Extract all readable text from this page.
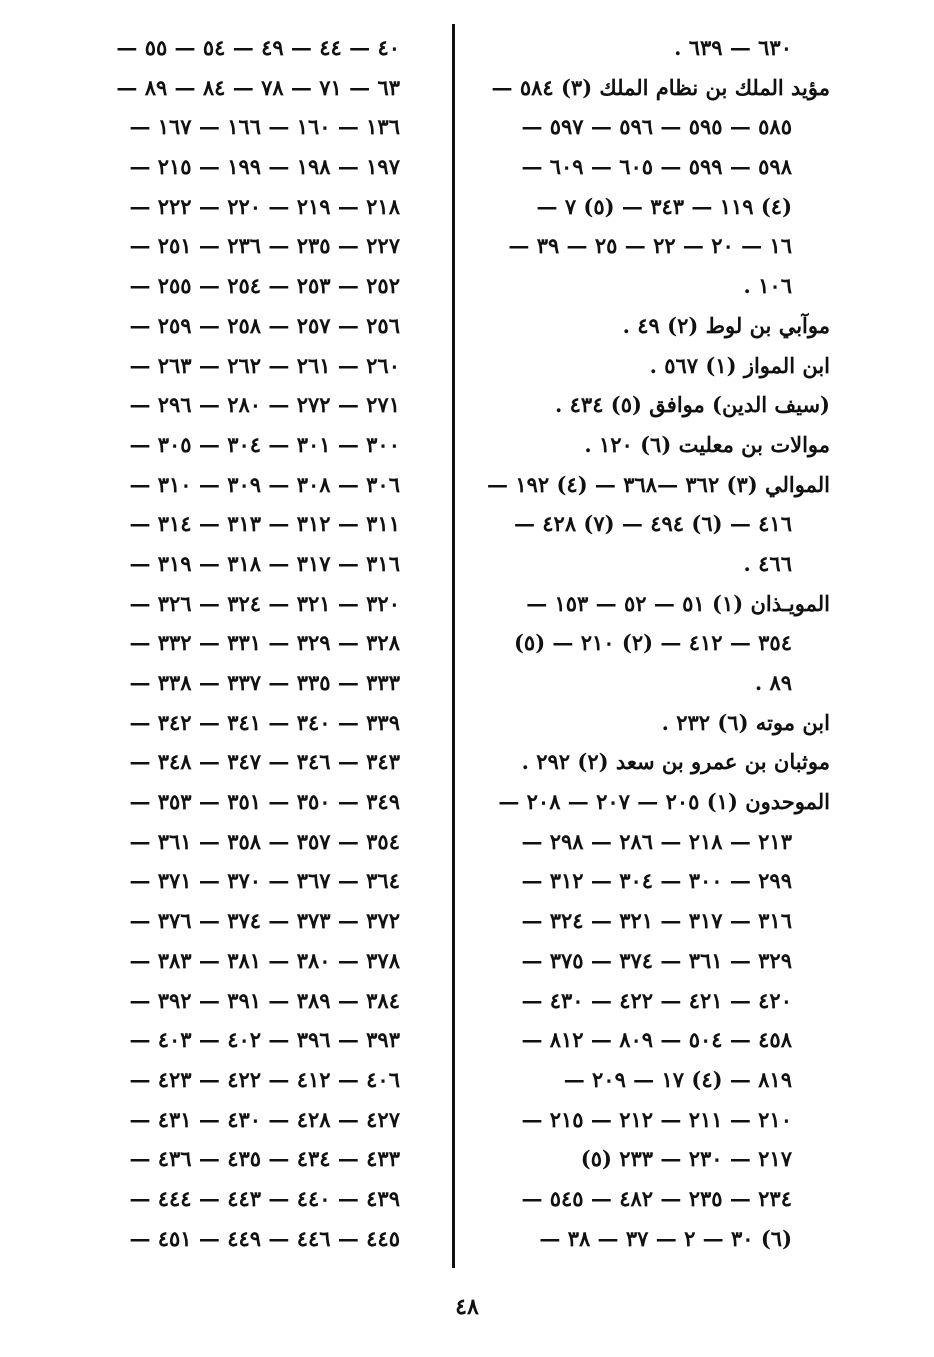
٦٣٠ — ٦٣٩ .
مؤيد الملك بن نظام الملك (٣) ٥٨٤ —
٥٨٥ — ٥٩٥ — ٥٩٦ — ٥٩٧ —
٥٩٨ — ٥٩٩ — ٦٠٥ — ٦٠٩ —
(٤) ١١٩ — ٣٤٣ — (٥) ٧ —
١٦ — ٢٠ — ٢٢ — ٢٥ — ٣٩ —
١٠٦ .
موآبي بن لوط (٢) ٤٩ .
ابن المواز (١) ٥٦٧ .
(سيف الدين) موافق (٥) ٤٣٤ .
موالات بن معليت (٦) ١٢٠ .
الموالي (٣) ٣٦٢ —٣٦٨ — (٤) ١٩٢ —
٤١٦ — (٦) ٤٩٤ — (٧) ٤٢٨ —
٤٦٦ .
المويـذان (١) ٥١ — ٥٢ — ١٥٣ —
٣٥٤ — ٤١٢ — (٢) ٢١٠ — (٥)
٨٩ .
ابن موته (٦) ٢٣٢ .
موثبان بن عمرو بن سعد (٢) ٢٩٢ .
الموحدون (١) ٢٠٥ — ٢٠٧ — ٢٠٨ —
٢١٣ — ٢١٨ — ٢٨٦ — ٢٩٨ —
٢٩٩ — ٣٠٠ — ٣٠٤ — ٣١٢ —
٣١٦ — ٣١٧ — ٣٢١ — ٣٢٤ —
٣٢٩ — ٣٦١ — ٣٧٤ — ٣٧٥ —
٤٢٠ — ٤٢١ — ٤٢٢ — ٤٣٠ —
٤٥٨ — ٥٠٤ — ٨٠٩ — ٨١٢ —
٨١٩ — (٤) ١٧ — ٢٠٩ —
٢١٠ — ٢١١ — ٢١٢ — ٢١٥ —
٢١٧ — ٢٣٠ — ٢٣٣ (٥)
٢٣٤ — ٢٣٥ — ٤٨٢ — ٥٤٥ —
(٦) ٣٠ — ٢ — ٣٧ — ٣٨ —
٤٠ — ٤٤ — ٤٩ — ٥٤ — ٥٥ —
٦٣ — ٧١ — ٧٨ — ٨٤ — ٨٩ —
١٣٦ — ١٦٠ — ١٦٦ — ١٦٧ —
١٩٧ — ١٩٨ — ١٩٩ — ٢١٥ —
٢١٨ — ٢١٩ — ٢٢٠ — ٢٢٢ —
٢٢٧ — ٢٣٥ — ٢٣٦ — ٢٥١ —
٢٥٢ — ٢٥٣ — ٢٥٤ — ٢٥٥ —
٢٥٦ — ٢٥٧ — ٢٥٨ — ٢٥٩ —
٢٦٠ — ٢٦١ — ٢٦٢ — ٢٦٣ —
٢٧١ — ٢٧٢ — ٢٨٠ — ٢٩٦ —
٣٠٠ — ٣٠١ — ٣٠٤ — ٣٠٥ —
٣٠٦ — ٣٠٨ — ٣٠٩ — ٣١٠ —
٣١١ — ٣١٢ — ٣١٣ — ٣١٤ —
٣١٦ — ٣١٧ — ٣١٨ — ٣١٩ —
٣٢٠ — ٣٢١ — ٣٢٤ — ٣٢٦ —
٣٢٨ — ٣٢٩ — ٣٣١ — ٣٣٢ —
٣٣٣ — ٣٣٥ — ٣٣٧ — ٣٣٨ —
٣٣٩ — ٣٤٠ — ٣٤١ — ٣٤٢ —
٣٤٣ — ٣٤٦ — ٣٤٧ — ٣٤٨ —
٣٤٩ — ٣٥٠ — ٣٥١ — ٣٥٣ —
٣٥٤ — ٣٥٧ — ٣٥٨ — ٣٦١ —
٣٦٤ — ٣٦٧ — ٣٧٠ — ٣٧١ —
٣٧٢ — ٣٧٣ — ٣٧٤ — ٣٧٦ —
٣٧٨ — ٣٨٠ — ٣٨١ — ٣٨٣ —
٣٨٤ — ٣٨٩ — ٣٩١ — ٣٩٢ —
٣٩٣ — ٣٩٦ — ٤٠٢ — ٤٠٣ —
٤٠٦ — ٤١٢ — ٤٢٢ — ٤٢٣ —
٤٢٧ — ٤٢٨ — ٤٣٠ — ٤٣١ —
٤٣٣ — ٤٣٤ — ٤٣٥ — ٤٣٦ —
٤٣٩ — ٤٤٠ — ٤٤٣ — ٤٤٤ —
٤٤٥ — ٤٤٦ — ٤٤٩ — ٤٥١ —
٤٨
